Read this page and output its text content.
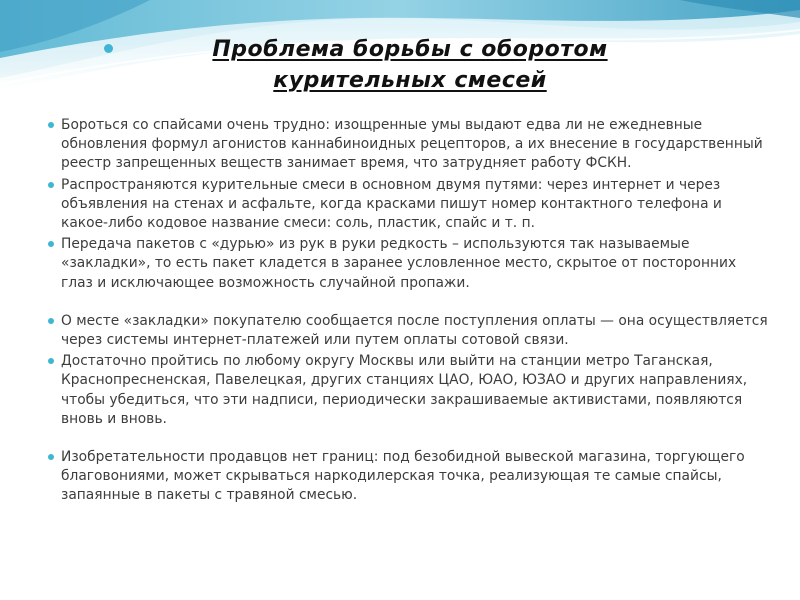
Проблема борьбы с оборотом
курительных смесей

Бороться со спайсами очень трудно: изощренные умы выдают едва ли не ежедневные обновления формул агонистов каннабиноидных рецепторов, а их внесение в государственный реестр запрещенных веществ занимает время, что затрудняет работу ФСКН.

Распространяются курительные смеси в основном двумя путями: через интернет и через объявления на стенах и асфальте, когда красками пишут номер контактного телефона и какое-либо кодовое название смеси: соль, пластик, спайс и т. п.

Передача пакетов с «дурью» из рук в руки редкость – используются так называемые «закладки», то есть пакет кладется в заранее условленное место, скрытое от посторонних глаз и исключающее возможность случайной пропажи.

О месте «закладки» покупателю сообщается после поступления оплаты — она осуществляется через системы интернет-платежей или путем оплаты сотовой связи.

Достаточно пройтись по любому округу Москвы или выйти на станции метро Таганская, Краснопресненская, Павелецкая, других станциях ЦАО, ЮАО, ЮЗАО и других направлениях, чтобы убедиться, что эти надписи, периодически закрашиваемые активистами, появляются вновь и вновь.

Изобретательности продавцов нет границ: под безобидной вывеской магазина, торгующего благовониями, может скрываться наркодилерская точка, реализующая те самые спайсы, запаянные в пакеты с травяной смесью.
